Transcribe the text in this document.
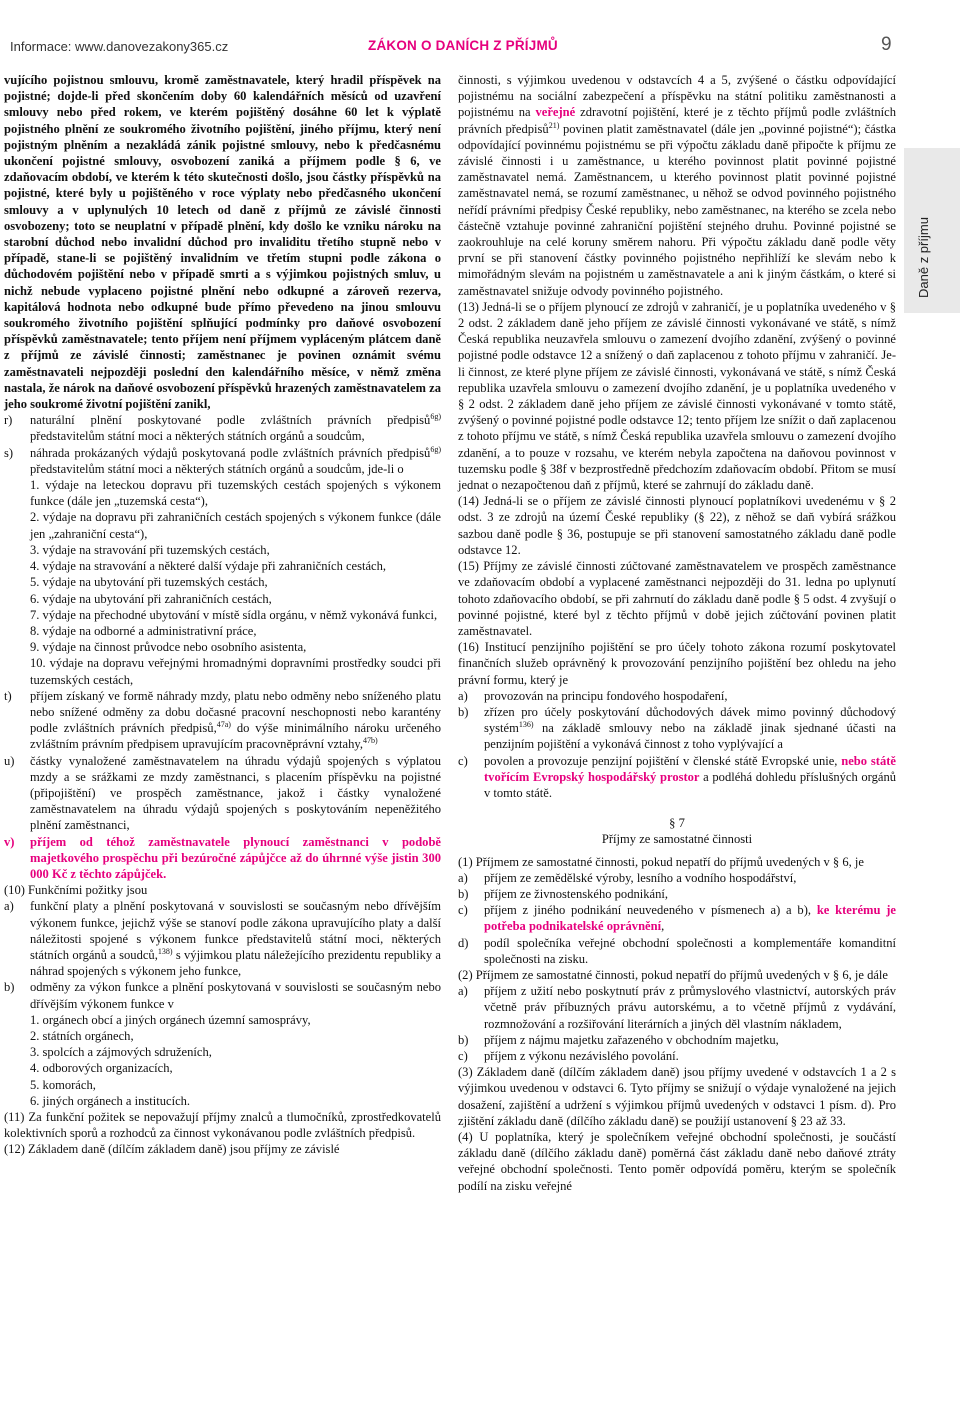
Informace: www.danovezakony365.cz	ZÁKON O DANÍCH Z PŘÍJMŮ	9
Daně z příjmu

vujícího pojistnou smlouvu, kromě zaměstnavatele, který hradil příspěvek na pojistné; dojde-li před skončením doby 60 kalendářních měsíců od uzavření smlouvy nebo před rokem, ve kterém pojištěný dosáhne 60 let k výplatě pojistného plnění ze soukromého životního pojištění, jiného příjmu, který není pojistným plněním a nezakládá zánik pojistné smlouvy, nebo k předčasnému ukončení pojistné smlouvy, osvobození zaniká a příjmem podle § 6, ve zdaňovacím období, ve kterém k této skutečnosti došlo, jsou částky příspěvků na pojistné, které byly u pojištěného v roce výplaty nebo předčasného ukončení smlouvy a v uplynulých 10 letech od daně z příjmů ze závislé činnosti osvobozeny; toto se neuplatní v případě plnění, kdy došlo ke vzniku nároku na starobní důchod nebo invalidní důchod pro invaliditu třetího stupně nebo v případě, stane-li se pojištěný invalidním ve třetím stupni podle zákona o důchodovém pojištění nebo v případě smrti a s výjimkou pojistných smluv, u nichž nebude vyplaceno pojistné plnění nebo odkupné a zároveň rezerva, kapitálová hodnota nebo odkupné bude přímo převedeno na jinou smlouvu soukromého životního pojištění splňující podmínky pro daňové osvobození příspěvků zaměstnavatele; tento příjem není příjmem vypláceným plátcem daně z příjmů ze závislé činnosti; zaměstnanec je povinen oznámit svému zaměstnavateli nejpozději poslední den kalendářního měsíce, v němž změna nastala, že nárok na daňové osvobození příspěvků hrazených zaměstnavatelem za jeho soukromé životní pojištění zanikl,

r) naturální plnění poskytované podle zvláštních právních předpisů$^{6g)}$ představitelům státní moci a některých státních orgánů a soudcům,
s) náhrada prokázaných výdajů poskytovaná podle zvláštních právních předpisů$^{6g)}$ představitelům státní moci a některých státních orgánů a soudcům, jde-li o

1. výdaje na leteckou dopravu při tuzemských cestách spojených s výkonem funkce (dále jen „tuzemská cesta“),

2. výdaje na dopravu při zahraničních cestách spojených s výkonem funkce (dále jen „zahraniční cesta“),

3. výdaje na stravování při tuzemských cestách,

4. výdaje na stravování a některé další výdaje při zahraničních cestách,

5. výdaje na ubytování při tuzemských cestách,

6. výdaje na ubytování při zahraničních cestách,

7. výdaje na přechodné ubytování v místě sídla orgánu, v němž vykonává funkci,

8. výdaje na odborné a administrativní práce,

9. výdaje na činnost průvodce nebo osobního asistenta,

10. výdaje na dopravu veřejnými hromadnými dopravními prostředky soudci při tuzemských cestách,

t) příjem získaný ve formě náhrady mzdy, platu nebo odměny nebo sníženého platu nebo snížené odměny za dobu dočasné pracovní neschopnosti nebo karantény podle zvláštních právních předpisů,$^{47a)}$ do výše minimálního nároku určeného zvláštním právním předpisem upravujícím pracovněprávní vztahy,$^{47b)}$
u) částky vynaložené zaměstnavatelem na úhradu výdajů spojených s výplatou mzdy a se srážkami ze mzdy zaměstnanci, s placením příspěvku na pojistné (připojištění) ve prospěch zaměstnance, jakož i částky vynaložené zaměstnavatelem na úhradu výdajů spojených s poskytováním nepeněžitého plnění zaměstnanci,
v) příjem od téhož zaměstnavatele plynoucí zaměstnanci v podobě majetkového prospěchu při bezúročné zápůjčce až do úhrnné výše jistin 300 000 Kč z těchto zápůjček.

(10) Funkčními požitky jsou

a) funkční platy a plnění poskytovaná v souvislosti se současným nebo dřívějším výkonem funkce, jejichž výše se stanoví podle zákona upravujícího platy a další náležitosti spojené s výkonem funkce představitelů státní moci, některých státních orgánů a soudců,$^{138)}$ s výjimkou platu náležejícího prezidentu republiky a náhrad spojených s výkonem jeho funkce,
b) odměny za výkon funkce a plnění poskytovaná v souvislosti se současným nebo dřívějším výkonem funkce v

1. orgánech obcí a jiných orgánech územní samosprávy,

2. státních orgánech,

3. spolcích a zájmových sdruženích,

4. odborových organizacích,

5. komorách,

6. jiných orgánech a institucích.

(11) Za funkční požitek se nepovažují příjmy znalců a tlumočníků, zprostředkovatelů kolektivních sporů a rozhodců za činnost vykonávanou podle zvláštních předpisů.

(12) Základem daně (dílčím základem daně) jsou příjmy ze závislé

činnosti, s výjimkou uvedenou v odstavcích 4 a 5, zvýšené o částku odpovídající pojistnému na sociální zabezpečení a příspěvku na státní politiku zaměstnanosti a pojistnému na veřejné zdravotní pojištění, které je z těchto příjmů podle zvláštních právních předpisů$^{21)}$ povinen platit zaměstnavatel (dále jen „povinné pojistné“); částka odpovídající povinnému pojistnému se při výpočtu základu daně připočte k příjmu ze závislé činnosti i u zaměstnance, u kterého povinnost platit povinné pojistné zaměstnavatel nemá. Zaměstnancem, u kterého povinnost platit povinné pojistné zaměstnavatel nemá, se rozumí zaměstnanec, u něhož se odvod povinného pojistného neřídí právními předpisy České republiky, nebo zaměstnanec, na kterého se zcela nebo částečně vztahuje povinné zahraniční pojištění stejného druhu. Povinné pojistné se zaokrouhluje na celé koruny směrem nahoru. Při výpočtu základu daně podle věty první se při stanovení částky povinného pojistného nepřihlíží ke slevám nebo k mimořádným slevám na pojistném u zaměstnavatele a ani k jiným částkám, o které si zaměstnavatel snižuje odvody povinného pojistného.

(13) Jedná-li se o příjem plynoucí ze zdrojů v zahraničí, je u poplatníka uvedeného v § 2 odst. 2 základem daně jeho příjem ze závislé činnosti vykonávané ve státě, s nímž Česká republika neuzavřela smlouvu o zamezení dvojího zdanění, zvýšený o povinné pojistné podle odstavce 12 a snížený o daň zaplacenou z tohoto příjmu v zahraničí. Je-li činnost, ze které plyne příjem ze závislé činnosti, vykonávaná ve státě, s nímž Česká republika uzavřela smlouvu o zamezení dvojího zdanění, je u poplatníka uvedeného v § 2 odst. 2 základem daně jeho příjem ze závislé činnosti vykonávané v tomto státě, zvýšený o povinné pojistné podle odstavce 12; tento příjem lze snížit o daň zaplacenou z tohoto příjmu ve státě, s nímž Česká republika uzavřela smlouvu o zamezení dvojího zdanění, a to pouze v rozsahu, ve kterém nebyla započtena na daňovou povinnost v tuzemsku podle § 38f v bezprostředně předchozím zdaňovacím období. Přitom se musí jednat o nezapočtenou daň z příjmů, které se zahrnují do základu daně.

(14) Jedná-li se o příjem ze závislé činnosti plynoucí poplatníkovi uvedenému v § 2 odst. 3 ze zdrojů na území České republiky (§ 22), z něhož se daň vybírá srážkou sazbou daně podle § 36, postupuje se při stanovení samostatného základu daně podle odstavce 12.

(15) Příjmy ze závislé činnosti zúčtované zaměstnavatelem ve prospěch zaměstnance ve zdaňovacím období a vyplacené zaměstnanci nejpozději do 31. ledna po uplynutí tohoto zdaňovacího období, se při zahrnutí do základu daně podle § 5 odst. 4 zvyšují o povinné pojistné, které byl z těchto příjmů v době jejich zúčtování povinen platit zaměstnavatel.

(16) Institucí penzijního pojištění se pro účely tohoto zákona rozumí poskytovatel finančních služeb oprávněný k provozování penzijního pojištění bez ohledu na jeho právní formu, který je

a) provozován na principu fondového hospodaření,
b) zřízen pro účely poskytování důchodových dávek mimo povinný důchodový systém$^{136)}$ na základě smlouvy nebo na základě jinak sjednané účasti na penzijním pojištění a vykonává činnost z toho vyplývající a
c) povolen a provozuje penzijní pojištění v členské státě Evropské unie, nebo státě tvořícím Evropský hospodářský prostor a podléhá dohledu příslušných orgánů v tomto státě.

§ 7

Příjmy ze samostatné činnosti

(1) Příjmem ze samostatné činnosti, pokud nepatří do příjmů uvedených v § 6, je

a) příjem ze zemědělské výroby, lesního a vodního hospodářství,
b) příjem ze živnostenského podnikání,
c) příjem z jiného podnikání neuvedeného v písmenech a) a b), ke kterému je potřeba podnikatelské oprávnění,
d) podíl společníka veřejné obchodní společnosti a komplementáře komanditní společnosti na zisku.

(2) Příjmem ze samostatné činnosti, pokud nepatří do příjmů uvedených v § 6, je dále

a) příjem z užití nebo poskytnutí práv z průmyslového vlastnictví, autorských práv včetně práv příbuzných právu autorskému, a to včetně příjmů z vydávání, rozmnožování a rozšiřování literárních a jiných děl vlastním nákladem,
b) příjem z nájmu majetku zařazeného v obchodním majetku,
c) příjem z výkonu nezávislého povolání.

(3) Základem daně (dílčím základem daně) jsou příjmy uvedené v odstavcích 1 a 2 s výjimkou uvedenou v odstavci 6. Tyto příjmy se snižují o výdaje vynaložené na jejich dosažení, zajištění a udržení s výjimkou příjmů uvedených v odstavci 1 písm. d). Pro zjištění základu daně (dílčího základu daně) se použijí ustanovení § 23 až 33.

(4) U poplatníka, který je společníkem veřejné obchodní společnosti, je součástí základu daně (dílčího základu daně) poměrná část základu daně nebo daňové ztráty veřejné obchodní společnosti. Tento poměr odpovídá poměru, kterým se společník podílí na zisku veřejné
